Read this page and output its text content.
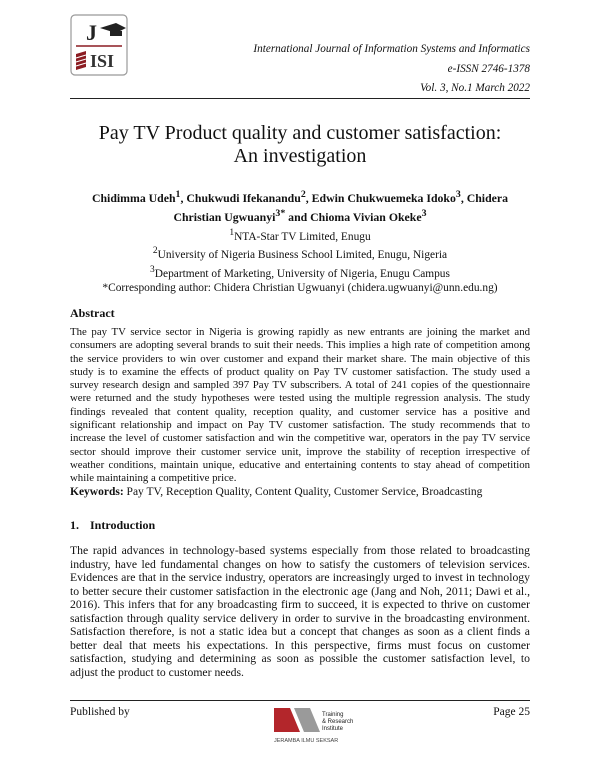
J
ISI
International Journal of Information Systems and Informatics
e-ISSN 2746-1378
Vol. 3, No.1 March 2022
Pay TV Product quality and customer satisfaction:
An investigation
Chidimma Udeh$^1$, Chukwudi Ifekanandu$^2$, Edwin Chukwuemeka Idoko$^3$, Chidera Christian Ugwuanyi$^{3*}$ and Chioma Vivian Okeke$^3$
$^1$NTA-Star TV Limited, Enugu
$^2$University of Nigeria Business School Limited, Enugu, Nigeria
$^3$Department of Marketing, University of Nigeria, Enugu Campus
*Corresponding author: Chidera Christian Ugwuanyi (chidera.ugwuanyi@unn.edu.ng)
Abstract
The pay TV service sector in Nigeria is growing rapidly as new entrants are joining the market and consumers are adopting several brands to suit their needs. This implies a high rate of competition among the service providers to win over customer and expand their market share. The main objective of this study is to examine the effects of product quality on Pay TV customer satisfaction. The study used a survey research design and sampled 397 Pay TV subscribers. A total of 241 copies of the questionnaire were returned and the study hypotheses were tested using the multiple regression analysis. The study findings revealed that content quality, reception quality, and customer service has a positive and significant relationship and impact on Pay TV customer satisfaction. The study recommends that to increase the level of customer satisfaction and win the competitive war, operators in the pay TV service sector should improve their customer service unit, improve the stability of reception irrespective of weather conditions, maintain unique, educative and entertaining contents to stay ahead of competition while maintaining a competitive price.
Keywords: Pay TV, Reception Quality, Content Quality, Customer Service, Broadcasting
1. Introduction
The rapid advances in technology-based systems especially from those related to broadcasting industry, have led fundamental changes on how to satisfy the customers of television services. Evidences are that in the service industry, operators are increasingly urged to invest in technology to better secure their customer satisfaction in the electronic age (Jang and Noh, 2011; Dawi et al., 2016). This infers that for any broadcasting firm to succeed, it is expected to thrive on customer satisfaction through quality service delivery in order to survive in the broadcasting environment. Satisfaction therefore, is not a static idea but a concept that changes as soon as a client finds a better deal that meets his expectations. In this perspective, firms must focus on customer satisfaction, studying and determining as soon as possible the customer satisfaction level, to adjust the product to customer needs.
Published by	Page 25
Training
& Research
Institute
JERAMBA ILMU SEKSAR
